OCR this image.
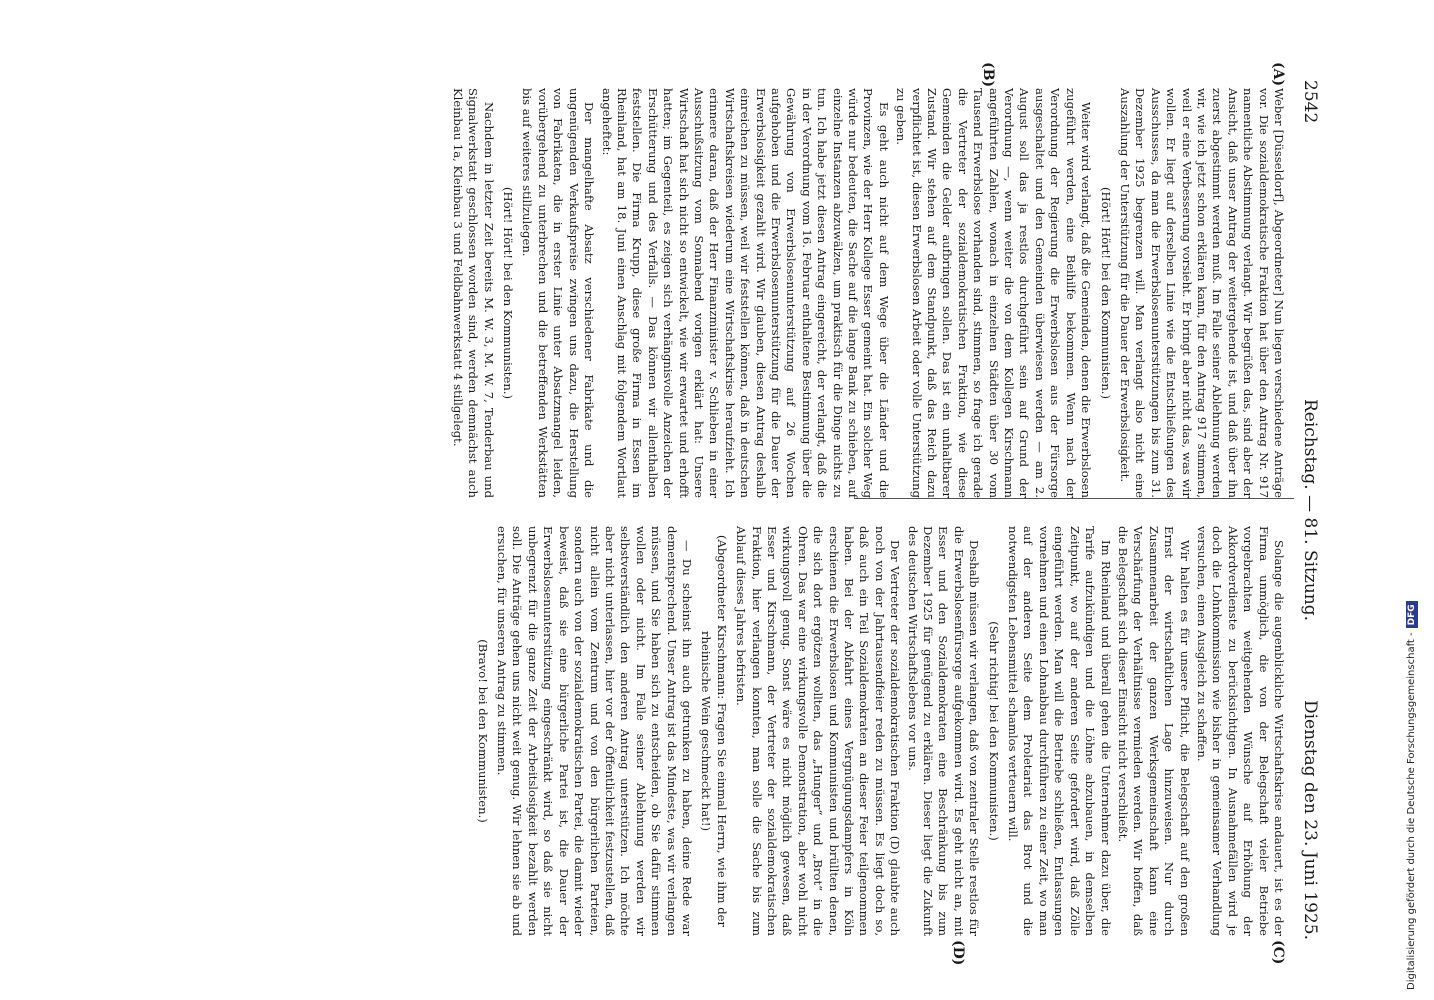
2542
Reichstag. — 81. Sitzung.
Dienstag den 23. Juni 1925.
(A)
(B)
(C)
(D)

Weber [Düsseldorf], Abgeordneter] Nun liegen verschiedene Anträge vor. Die sozialdemokratische Fraktion hat über den Antrag Nr. 917 namentliche Abstimmung verlangt. Wir begrüßen das, sind aber der Ansicht, daß unser Antrag der weitergehende ist, und daß über ihn zuerst abgestimmt werden muß. Im Falle seiner Ablehnung werden wir, wie ich jetzt schon erklären kann, für den Antrag 917 stimmen, weil er eine Verbesserung vorsieht. Er bringt aber nicht das, was wir wollen. Er liegt auf derselben Linie wie die Entschließungen des Ausschusses, da man die Erwerbslosenunterstützungen bis zum 31. Dezember 1925 begrenzen will. Man verlangt also nicht eine Auszahlung der Unterstützung für die Dauer der Erwerbslosigkeit.

(Hört! Hört! bei den Kommunisten.)

Weiter wird verlangt, daß die Gemeinden, denen die Erwerbslosen zugeführt werden, eine Beihilfe bekommen. Wenn nach der Verordnung der Regierung die Erwerbslosen aus der Fürsorge ausgeschaltet und den Gemeinden überwiesen werden — am 2. August soll das ja restlos durchgeführt sein auf Grund der Verordnung —, wenn weiter die von dem Kollegen Kirschmann angeführten Zahlen, wonach in einzelnen Städten über 30 vom Tausend Erwerbslose vorhanden sind, stimmen, so frage ich gerade die Vertreter der sozialdemokratischen Fraktion, wie diese Gemeinden die Gelder aufbringen sollen. Das ist ein unhaltbarer Zustand. Wir stehen auf dem Standpunkt, daß das Reich dazu verpflichtet ist, diesen Erwerbslosen Arbeit oder volle Unterstützung zu geben.

Es geht auch nicht auf dem Wege über die Länder und die Provinzen, wie der Herr Kollege Esser gemeint hat. Ein solcher Weg würde nur bedeuten, die Sache auf die lange Bank zu schieben, auf einzelne Instanzen abzuwälzen, um praktisch für die Dinge nichts zu tun. Ich habe jetzt diesen Antrag eingereicht, der verlangt, daß die in der Verordnung vom 16. Februar enthaltene Bestimmung über die Gewährung von Erwerbslosenunterstützung auf 26 Wochen aufgehoben und die Erwerbslosenunterstützung für die Dauer der Erwerbslosigkeit gezahlt wird. Wir glauben, diesen Antrag deshalb einreichen zu müssen, weil wir feststellen können, daß in deutschen Wirtschaftskreisen wiederum eine Wirtschaftskrise heraufzieht. Ich erinnere daran, daß der Herr Finanzminister v. Schlieben in einer Ausschußsitzung vom Sonnabend vorigen erklärt hat: Unsere Wirtschaft hat sich nicht so entwickelt, wie wir erwartet und erhofft hatten; im Gegenteil, es zeigen sich verhängnisvolle Anzeichen der Erschütterung und des Verfalls. — Das können wir allenthalben feststellen. Die Firma Krupp, diese große Firma in Essen im Rheinland, hat am 18. Juni einen Anschlag mit folgendem Wortlaut angeheftet:

Der mangelhafte Absatz verschiedener Fabrikate und die ungenügenden Verkaufspreise zwingen uns dazu, die Herstellung von Fabrikaten, die in erster Linie unter Absatzmangel leiden, vorübergehend zu unterbrechen und die betreffenden Werkstätten bis auf weiteres stillzulegen.

(Hört! Hört! bei den Kommunisten.)

Nachdem in letzter Zeit bereits M. W. 3, M. W. 7, Tenderbau und Signalwerkstatt geschlossen worden sind, werden demnächst auch Kleinbau 1a, Kleinbau 3 und Feldbahnwerkstatt 4 stillgelegt.

Solange die augenblickliche Wirtschaftskrise andauert, ist es der Firma unmöglich, die von der Belegschaft vieler Betriebe vorgebrachten weitgehenden Wünsche auf Erhöhung der Akkordverdienste zu berücksichtigen. In Ausnahmefällen wird je doch die Lohnkommission wie bisher in gemeinsamer Verhandlung versuchen, einen Ausgleich zu schaffen.

Wir halten es für unsere Pflicht, die Belegschaft auf den großen Ernst der wirtschaftlichen Lage hinzuweisen. Nur durch Zusammenarbeit der ganzen Werksgemeinschaft kann eine Verschärfung der Verhältnisse vermieden werden. Wir hoffen, daß die Belegschaft sich dieser Einsicht nicht verschließt.

Im Rheinland und überall gehen die Unternehmer dazu über, die Tarife aufzukündigen und die Löhne abzubauen, in demselben Zeitpunkt, wo auf der anderen Seite gefordert wird, daß Zölle eingeführt werden. Man will die Betriebe schließen, Entlassungen vornehmen und einen Lohnabbau durchführen zu einer Zeit, wo man auf der anderen Seite dem Proletariat das Brot und die notwendigsten Lebensmittel schamlos verteuern will.

(Sehr richtig! bei den Kommunisten.)

Deshalb müssen wir verlangen, daß von zentraler Stelle restlos für die Erwerbslosenfürsorge aufgekommen wird. Es geht nicht an, mit Esser und den Sozialdemokraten eine Beschränkung bis zum Dezember 1925 für genügend zu erklären. Dieser liegt die Zukunft des deutschen Wirtschaftslebens vor uns.

Der Vertreter der sozialdemokratischen Fraktion (D) glaubte auch noch von der Jahrtausendfeier reden zu müssen. Es liegt doch so, daß auch ein Teil Sozialdemokraten an dieser Feier teilgenommen haben. Bei der Abfahrt eines Vergnügungsdampfers in Köln erschienen die Erwerbslosen und Kommunisten und brüllten denen, die sich dort ergötzen wollten, das „Hunger“ und „Brot“ in die Ohren. Das war eine wirkungsvolle Demonstration, aber wohl nicht wirkungsvoll genug. Sonst wäre es nicht möglich gewesen, daß Esser und Kirschmann, der Vertreter der sozialdemokratischen Fraktion, hier verlangen konnten, man solle die Sache bis zum Ablauf dieses Jahres befristen.

(Abgeordneter Kirschmann: Fragen Sie einmal Herrn, wie ihm der rheinische Wein geschmeckt hat!)

— Du scheinst ihn auch getrunken zu haben, deine Rede war dementsprechend. Unser Antrag ist das Mindeste, was wir verlangen müssen, und Sie haben sich zu entscheiden, ob Sie dafür stimmen wollen oder nicht. Im Falle seiner Ablehnung werden wir selbstverständlich den anderen Antrag unterstützen. Ich möchte aber nicht unterlassen, hier vor der Öffentlichkeit festzustellen, daß nicht allein vom Zentrum und von den bürgerlichen Parteien, sondern auch von der sozialdemokratischen Partei, die damit wieder beweist, daß sie eine bürgerliche Partei ist, die Dauer der Erwerbslosenunterstützung eingeschränkt wird, so daß sie nicht unbegrenzt für die ganze Zeit der Arbeitslosigkeit bezahlt werden soll. Die Anträge gehen uns nicht weit genug. Wir lehnen sie ab und ersuchen, für unseren Antrag zu stimmen.

(Bravo! bei den Kommunisten.)	Digitalisierung gefördert durch die Deutsche Forschungsgemeinschaft -DFG
